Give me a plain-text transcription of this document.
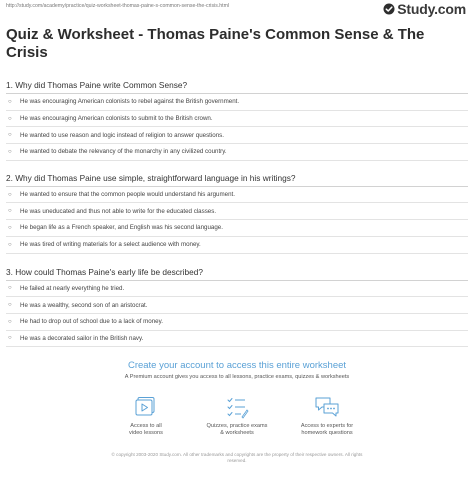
http://study.com/academy/practice/quiz-worksheet-thomas-paine-s-common-sense-the-crisis.html	Study.com
Quiz & Worksheet - Thomas Paine's Common Sense & The Crisis
1. Why did Thomas Paine write Common Sense?
○	He was encouraging American colonists to rebel against the British government.
○	He was encouraging American colonists to submit to the British crown.
○	He wanted to use reason and logic instead of religion to answer questions.
○	He wanted to debate the relevancy of the monarchy in any civilized country.
2. Why did Thomas Paine use simple, straightforward language in his writings?
○	He wanted to ensure that the common people would understand his argument.
○	He was uneducated and thus not able to write for the educated classes.
○	He began life as a French speaker, and English was his second language.
○	He was tired of writing materials for a select audience with money.
3. How could Thomas Paine's early life be described?
○	He failed at nearly everything he tried.
○	He was a wealthy, second son of an aristocrat.
○	He had to drop out of school due to a lack of money.
○	He was a decorated sailor in the British navy.
Create your account to access this entire worksheet
A Premium account gives you access to all lessons, practice exams, quizzes & worksheets
Access to all
video lessons
Quizzes, practice exams
& worksheets
Access to experts for
homework questions
© copyright 2003-2020 Study.com. All other trademarks and copyrights are the property of their respective owners. All rights
reserved.
